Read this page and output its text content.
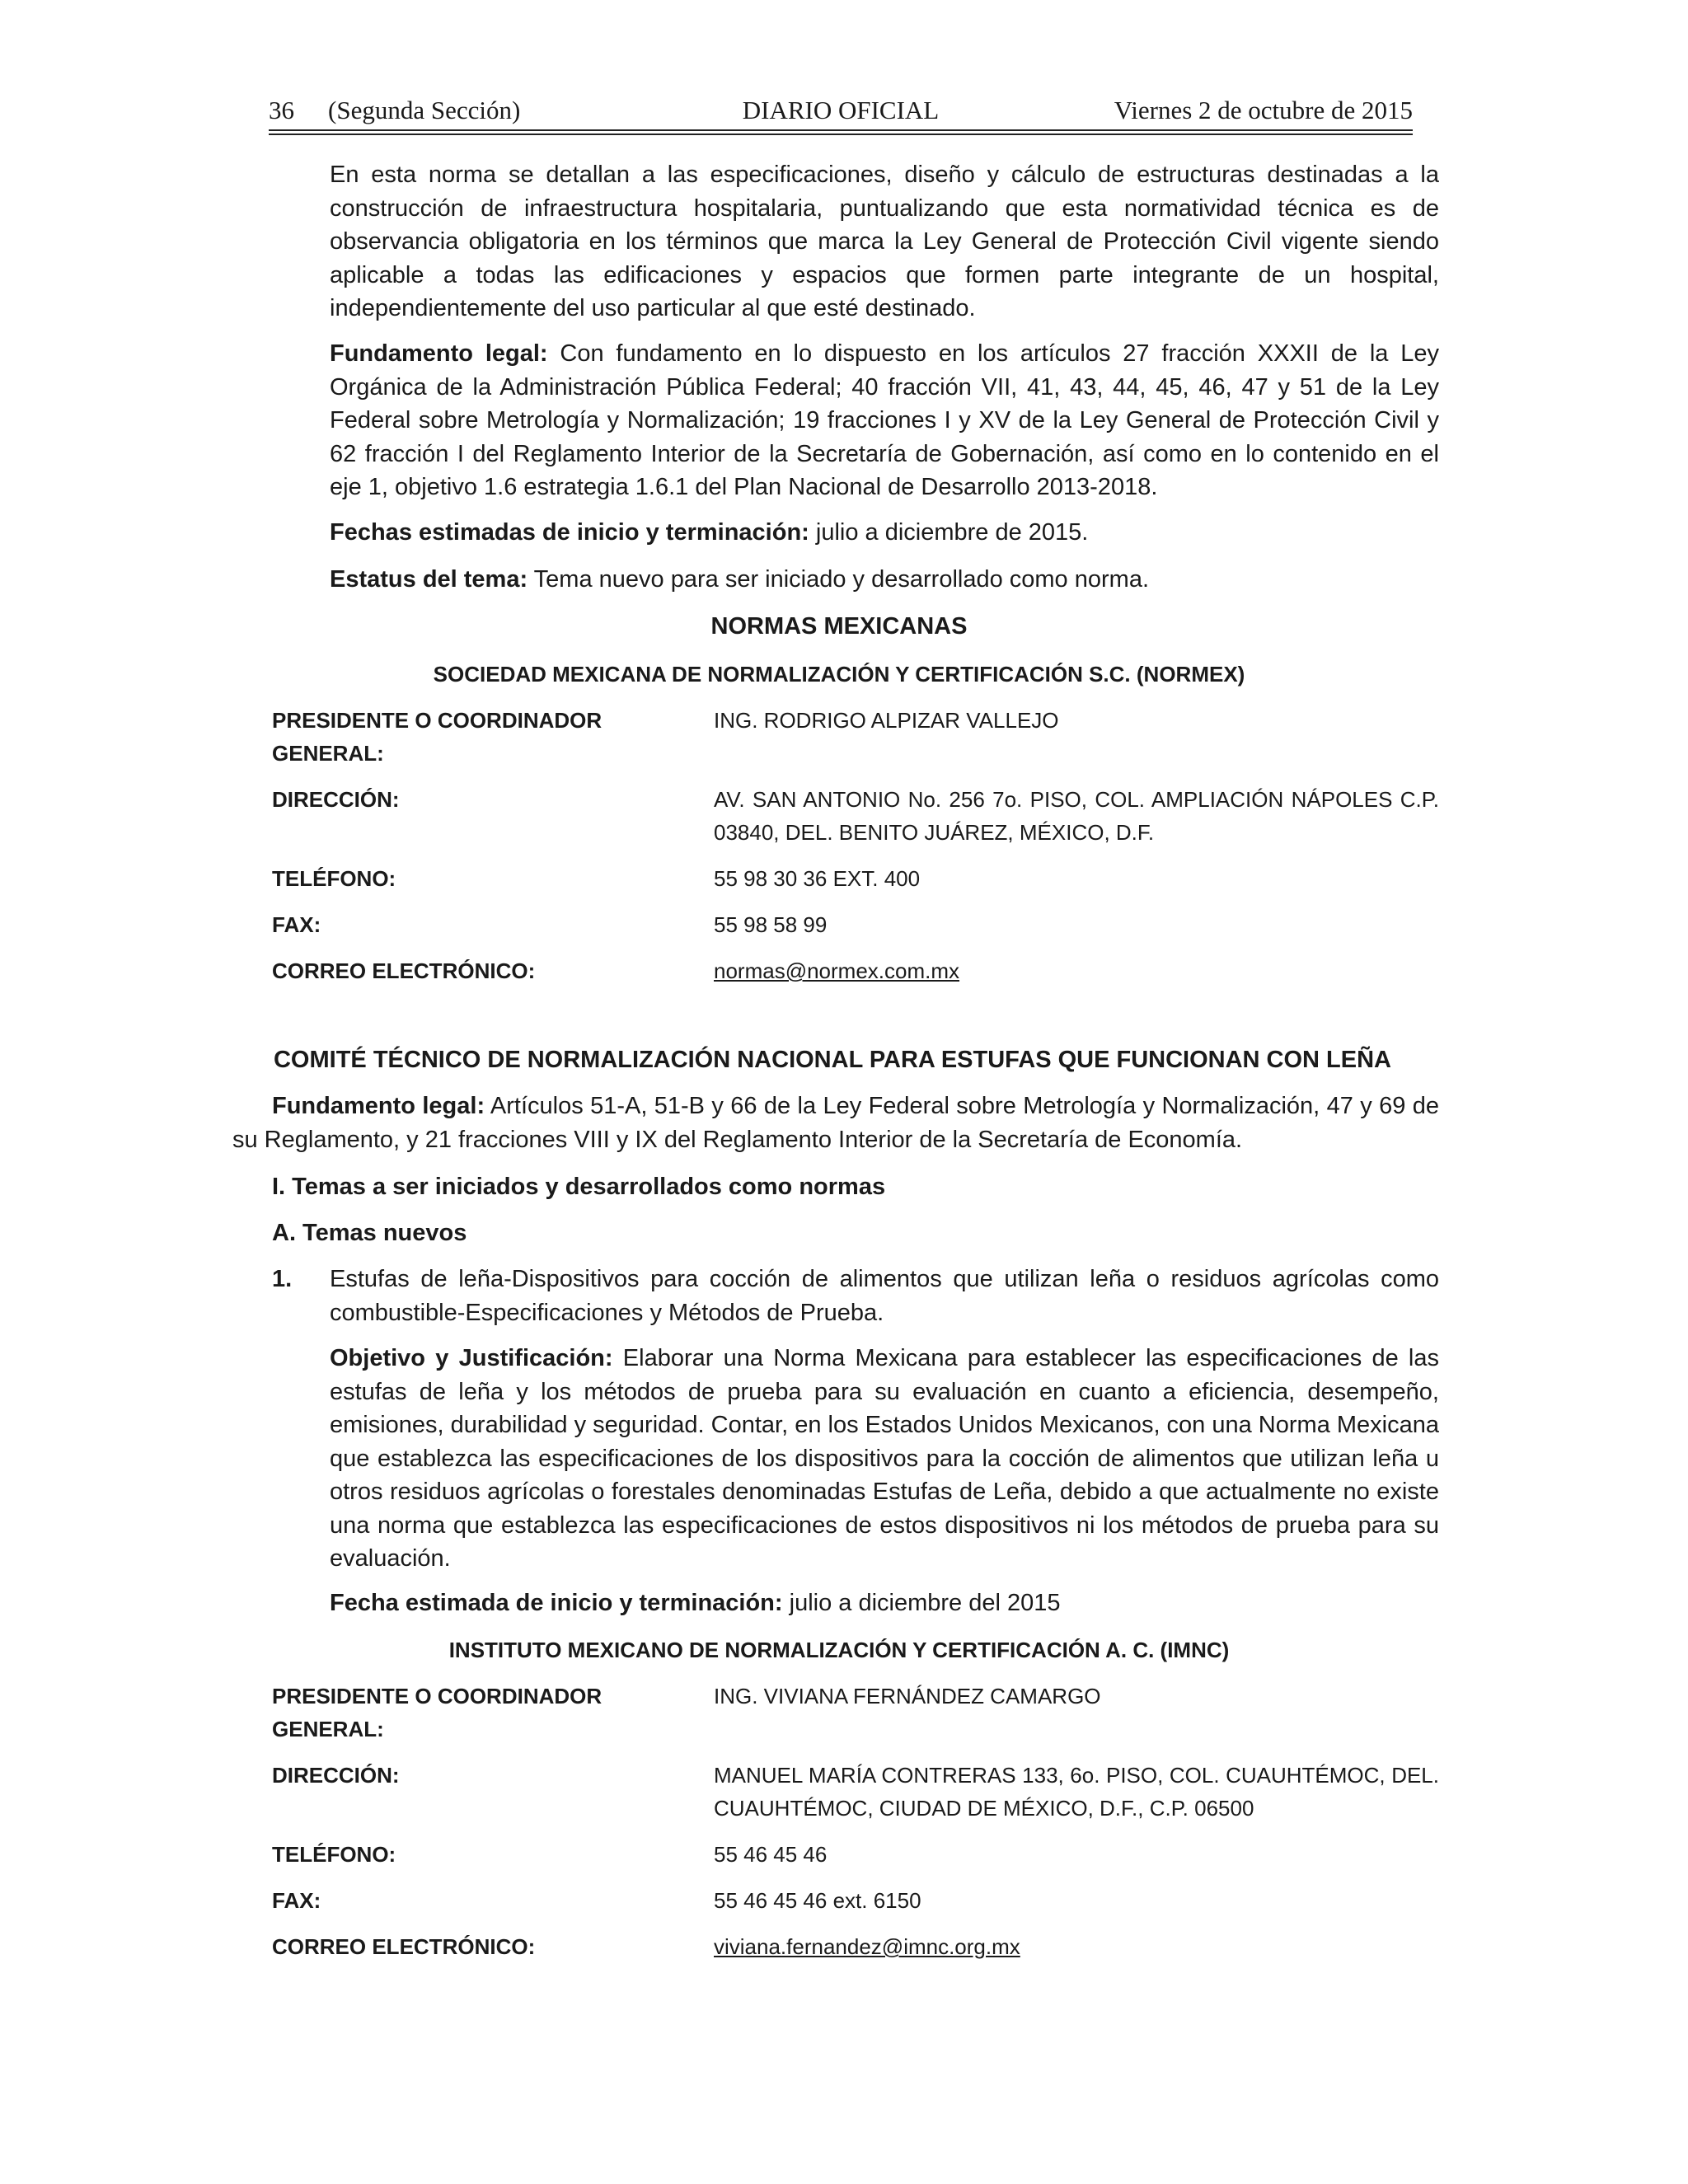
36 (Segunda Sección)	DIARIO OFICIAL	Viernes 2 de octubre de 2015
En esta norma se detallan a las especificaciones, diseño y cálculo de estructuras destinadas a la construcción de infraestructura hospitalaria, puntualizando que esta normatividad técnica es de observancia obligatoria en los términos que marca la Ley General de Protección Civil vigente siendo aplicable a todas las edificaciones y espacios que formen parte integrante de un hospital, independientemente del uso particular al que esté destinado.
Fundamento legal: Con fundamento en lo dispuesto en los artículos 27 fracción XXXII de la Ley Orgánica de la Administración Pública Federal; 40 fracción VII, 41, 43, 44, 45, 46, 47 y 51 de la Ley Federal sobre Metrología y Normalización; 19 fracciones I y XV de la Ley General de Protección Civil y 62 fracción I del Reglamento Interior de la Secretaría de Gobernación, así como en lo contenido en el eje 1, objetivo 1.6 estrategia 1.6.1 del Plan Nacional de Desarrollo 2013-2018.
Fechas estimadas de inicio y terminación: julio a diciembre de 2015.
Estatus del tema: Tema nuevo para ser iniciado y desarrollado como norma.
NORMAS MEXICANAS
SOCIEDAD MEXICANA DE NORMALIZACIÓN Y CERTIFICACIÓN S.C. (NORMEX)
PRESIDENTE O COORDINADOR GENERAL:
ING. RODRIGO ALPIZAR VALLEJO
DIRECCIÓN:	AV. SAN ANTONIO No. 256 7o. PISO, COL. AMPLIACIÓN NÁPOLES C.P. 03840, DEL. BENITO JUÁREZ, MÉXICO, D.F.
TELÉFONO:	55 98 30 36 EXT. 400
FAX:	55 98 58 99
CORREO ELECTRÓNICO:	normas@normex.com.mx
COMITÉ TÉCNICO DE NORMALIZACIÓN NACIONAL PARA ESTUFAS QUE FUNCIONAN CON LEÑA
Fundamento legal: Artículos 51-A, 51-B y 66 de la Ley Federal sobre Metrología y Normalización, 47 y 69 de su Reglamento, y 21 fracciones VIII y IX del Reglamento Interior de la Secretaría de Economía.
I. Temas a ser iniciados y desarrollados como normas
A. Temas nuevos
1. Estufas de leña-Dispositivos para cocción de alimentos que utilizan leña o residuos agrícolas como combustible-Especificaciones y Métodos de Prueba.
Objetivo y Justificación: Elaborar una Norma Mexicana para establecer las especificaciones de las estufas de leña y los métodos de prueba para su evaluación en cuanto a eficiencia, desempeño, emisiones, durabilidad y seguridad. Contar, en los Estados Unidos Mexicanos, con una Norma Mexicana que establezca las especificaciones de los dispositivos para la cocción de alimentos que utilizan leña u otros residuos agrícolas o forestales denominadas Estufas de Leña, debido a que actualmente no existe una norma que establezca las especificaciones de estos dispositivos ni los métodos de prueba para su evaluación.
Fecha estimada de inicio y terminación: julio a diciembre del 2015
INSTITUTO MEXICANO DE NORMALIZACIÓN Y CERTIFICACIÓN A. C. (IMNC)
PRESIDENTE O COORDINADOR GENERAL:
ING. VIVIANA FERNÁNDEZ CAMARGO
DIRECCIÓN:	MANUEL MARÍA CONTRERAS 133, 6o. PISO, COL. CUAUHTÉMOC, DEL. CUAUHTÉMOC, CIUDAD DE MÉXICO, D.F., C.P. 06500
TELÉFONO:	55 46 45 46
FAX:	55 46 45 46 ext. 6150
CORREO ELECTRÓNICO:	viviana.fernandez@imnc.org.mx
